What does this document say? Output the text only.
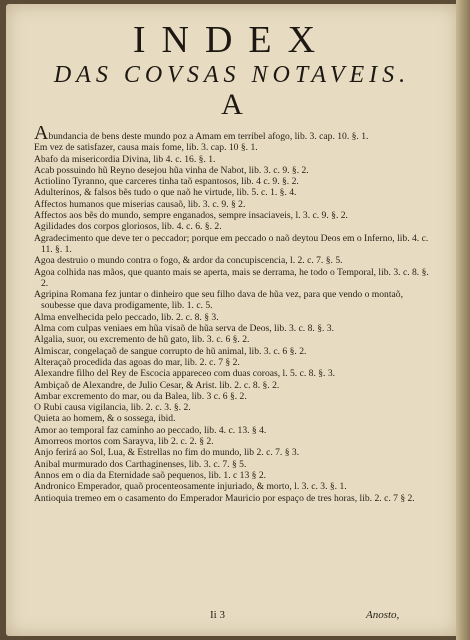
INDEX
DAS COVSAS NOTAVEIS.
A

Abundancia de bens deste mundo poz a Amam em terribel afogo, lib. 3. cap. 10. §. 1.

Em vez de satisfazer, causa mais fome, lib. 3. cap. 10 §. 1.

Abafo da misericordia Divina, lib 4. c. 16. §. 1.

Acab possuindo hũ Reyno desejou hũa vinha de Nabot, lib. 3. c. 9. §. 2.

Actiolino Tyranno, que carceres tinha taõ espantosos, lib. 4 c. 9. §. 2.

Adulterinos, & falsos bẽs tudo o que naõ he virtude, lib. 5. c. 1. §. 4.

Affectos humanos que miserias causaõ, lib. 3. c. 9. § 2.

Affectos aos bẽs do mundo, sempre enganados, sempre insaciaveis, l. 3. c. 9. §. 2.

Agilidades dos corpos gloriosos, lib. 4. c. 6. §. 2.

Agradecimento que deve ter o peccador; porque em peccado o naõ deytou Deos em o Inferno, lib. 4. c. 11. §. 1.

Agoa destruio o mundo contra o fogo, & ardor da concupiscencia, l. 2. c. 7. §. 5.

Agoa colhida nas mãos, que quanto mais se aperta, mais se derrama, he todo o Temporal, lib. 3. c. 8. §. 2.

Agripina Romana fez juntar o dinheiro que seu filho dava de hũa vez, para que vendo o montaõ, soubesse que dava prodigamente, lib. 1. c. 5.

Alma envelhecida pelo peccado, lib. 2. c. 8. § 3.

Alma com culpas veniaes em hũa visaõ de hũa serva de Deos, lib. 3. c. 8. §. 3.

Algalia, suor, ou excremento de hũ gato, lib. 3. c. 6 §. 2.

Almiscar, congelaçaõ de sangue corrupto de hũ animal, lib. 3. c. 6 §. 2.

Alteraçaõ procedida das agoas do mar, lib. 2. c. 7 § 2.

Alexandre filho del Rey de Escocia appareceo com duas coroas, l. 5. c. 8. §. 3.

Ambiçaõ de Alexandre, de Julio Cesar, & Arist. lib. 2. c. 8. §. 2.

Ambar excremento do mar, ou da Balea, lib. 3 c. 6 §. 2.

O Rubi causa vigilancia, lib. 2. c. 3. §. 2.

Quieta ao homem, & o sossega, ibid.

Amor ao temporal faz caminho ao peccado, lib. 4. c. 13. § 4.

Amorreos mortos com Sarayva, lib 2. c. 2. § 2.

Anjo ferirá ao Sol, Lua, & Estrellas no fim do mundo, lib 2. c. 7. § 3.

Anibal murmurado dos Carthaginenses, lib. 3. c. 7. § 5.

Annos em o dia da Eternidade saõ pequenos, lib. 1. c 13 § 2.

Andronico Emperador, quaõ procenteosamente injuriado, & morto, l. 3. c. 3. §. 1.

Antioquia tremeo em o casamento do Emperador Mauricio por espaço de tres horas, lib. 2. c. 7 § 2.

Ii 3	Anosto,
